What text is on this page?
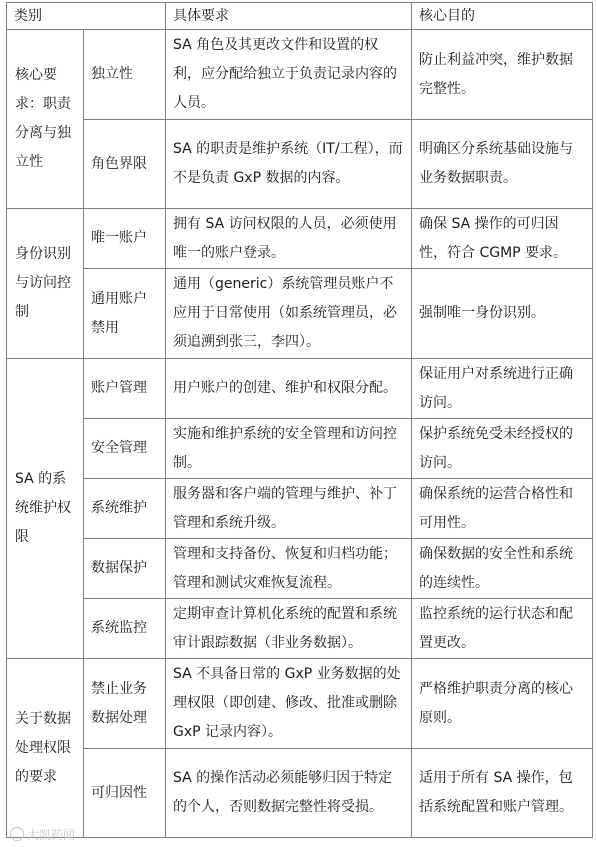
类别		具体要求	核心目的
核心要求：职责分离与独立性	独立性	SA 角色及其更改文件和设置的权利，应分配给独立于负责记录内容的人员。	防止利益冲突，维护数据完整性。
	角色界限	SA 的职责是维护系统（IT/工程），而不是负责 GxP 数据的内容。	明确区分系统基础设施与业务数据职责。
身份识别与访问控制	唯一账户	拥有 SA 访问权限的人员，必须使用唯一的账户登录。	确保 SA 操作的可归因性，符合 CGMP 要求。
	通用账户禁用	通用（generic）系统管理员账户不应用于日常使用（如系统管理员，必须追溯到张三，李四）。	强制唯一身份识别。
SA 的系统维护权限	账户管理	用户账户的创建、维护和权限分配。	保证用户对系统进行正确访问。
	安全管理	实施和维护系统的安全管理和访问控制。	保护系统免受未经授权的访问。
	系统维护	服务器和客户端的管理与维护、补丁管理和系统升级。	确保系统的运营合格性和可用性。
	数据保护	管理和支持备份、恢复和归档功能；管理和测试灾难恢复流程。	确保数据的安全性和系统的连续性。
	系统监控	定期审查计算机化系统的配置和系统审计跟踪数据（非业务数据）。	监控系统的运行状态和配置更改。
关于数据处理权限的要求	禁止业务数据处理	SA 不具备日常的 GxP 业务数据的处理权限（即创建、修改、批准或删除 GxP 记录内容）。	严格维护职责分离的核心原则。
	可归因性	SA 的操作活动必须能够归因于特定的个人，否则数据完整性将受损。	适用于所有 SA 操作，包括系统配置和账户管理。
大凯药闻
